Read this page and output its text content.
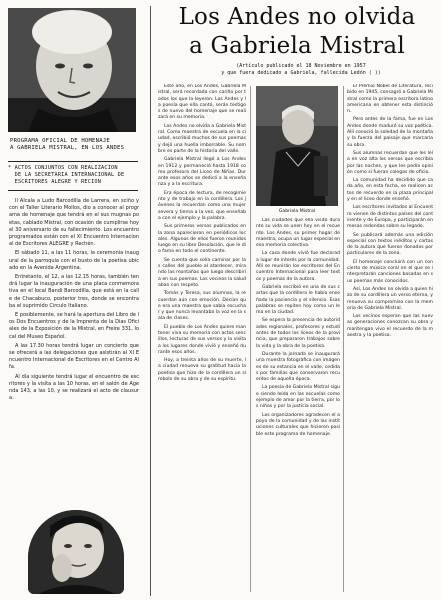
PROGRAMA OFICIAL DE HOMENAJE
A GABRIELA MISTRAL, EN LOS ANDES
* ACTOS CONJUNTOS CON REALIZACION
DE LA SECRETARIA INTERNACIONAL DE
ESCRITORES ALEGRE Y RECION

Il Alcala a Ludo Barcodilla de Larrera, en sciño y con el Taller Literario Mollos, dio a conocer al programa de homenaje que tendrá en el sus mugnas poetas, cablado Mistral, con ocasión de cumplirse hoy el 30 aniversario de su fallecimiento. Los encuentro programados están con el XI Encuentro Internacional de Escritores ALEGRE y Rechén.

El sábado 11, a las 11 horas, la ceremonia inaugural de la parroquia con el busto de la poetisa ubicado en la Avenida Argentina.

Entretanto, el 12, a las 12.15 horas, también tendrá lugar la inauguración de una placa conmemorativa en el local Bandi Barcodilla, que está en la calle de Chacabuco, posterior tres, donde se encontraba el suprimido Circulo Italiano.

E posiblemente, se hará la apertura del Libro de los Dos Encuentros y de la Imprenta de la Dias Oficiales de la Exposición de la Mistral, en Freire 331, local del Museo Español.

A las 17.30 horas tendrá lugar un concierto que se ofrecerá a las delegaciones que asistirán al XI Encuentro Internacional de Escritores en el Centro Alfa.

Al día siguiente tendrá lugar el encuentro de escritores y la visita a las 10 horas, en el salón de Agenda 143, a las 10, y se realizará el acto de clausura.

Los Andes no olvida
a Gabriela Mistral
(Artículo publicado el 18 Noviembre en 1957
y que fuera dedicado a Gabriela, fallecida Ledón ( ))

Este año, en Los Andes, Gabriela Mistral, será recordada con cariño por todos los que la leyeron. Los Andes y la poesía que ella cantó, serán testigos de nuevo del homenaje que se realizará en su memoria.

Los Andes no olvida a Gabriela Mistral. Como maestra de escuela en la ciudad, escribió muchos de sus poemas y dejó una huella imborrable. Su nombre es parte de la historia del valle.

Gabriela Mistral llegó a Los Andes en 1912 y permaneció hasta 1918 como profesora del Liceo de Niñas. Durante esos años se dedicó a la enseñanza y a la escritura.

Era época de lectura, de recogimiento y de trabajo en la cordillera. Los jóvenes la recuerdan como una mujer severa y tierna a la vez, que enseñaba con el ejemplo y la palabra.

Sus primeros versos publicados en la zona aparecieron en periódicos locales. Algunos de ellos fueron reunidos luego en su libro Desolación, que le dio fama en todo el continente.

Se cuenta que solía caminar por las calles del pueblo al atardecer, mirando las montañas que luego describiría en sus poemas. Los vecinos la saludaban con respeto.

Tomás y Teresa, sus alumnas, la recuerdan aún con emoción. Decían que era una maestra que sabía escuchar y que nunca levantaba la voz en la sala de clases.

El pueblo de Los Andes quiere mantener viva su memoria con actos sencillos, lecturas de sus versos y la visita a los lugares donde vivió y enseñó durante esos años.

Hoy, a treinta años de su muerte, la ciudad renueva su gratitud hacia la poetisa que hizo de la cordillera un símbolo de su obra y de su espíritu.

Gabriela Mistral

Las ciudades que ella visitó durante su vida se unen hoy en el recuerdo. Los Andes, su primer hogar de maestra, ocupa un lugar especial en esa memoria colectiva.

La casa donde vivió fue declarada lugar de interés por la comunidad. Allí se reunirán los escritores del Encuentro Internacional para leer textos y poemas de la autora.

Gabriela escribió en una de sus cartas que la cordillera le había enseñado la paciencia y el silencio. Esas palabras se repiten hoy como un lema en la ciudad.

Se espera la presencia de autoridades regionales, profesores y estudiantes de todos los liceos de la provincia, que prepararon trabajos sobre la vida y la obra de la poetisa.

Durante la jornada se inaugurará una muestra fotográfica con imágenes de su estancia en el valle, cedidas por familias que conservaron recuerdos de aquella época.

La poesía de Gabriela Mistral sigue siendo leída en las escuelas como ejemplo de amor por la tierra, por los niños y por la justicia social.

Los organizadores agradecen el apoyo de la comunidad y de las instituciones culturales que hicieron posible este programa de homenaje.

El Premio Nobel de Literatura, recibido en 1945, consagró a Gabriela Mistral como la primera escritora latinoamericana en obtener esta distinción.

Pero antes de la fama, fue en Los Andes donde maduró su voz poética. Allí conoció la soledad de la montaña y la fuerza del paisaje que marcaría su obra.

Sus alumnas recuerdan que les leía en voz alta los versos que escribía por las noches, y que les pedía opinión como si fueran colegas de oficio.

La comunidad ha decidido que cada año, en esta fecha, se realicen actos de recuerdo en la plaza principal y en el liceo donde enseñó.

Los escritores invitados al Encuentro vienen de distintos países del continente y de Europa, y participarán en mesas redondas sobre su legado.

Se publicará además una edición especial con textos inéditos y cartas de la autora que fueron donados por particulares de la zona.

El homenaje concluirá con un concierto de música coral en el que se interpretarán canciones basadas en sus poemas más conocidos.

Así, Los Andes no olvida a quien hizo de su cordillera un verso eterno, y renueva su compromiso con la memoria de Gabriela Mistral.

Los vecinos esperan que las nuevas generaciones conozcan su obra y mantengan vivo el recuerdo de la maestra y la poetisa.
